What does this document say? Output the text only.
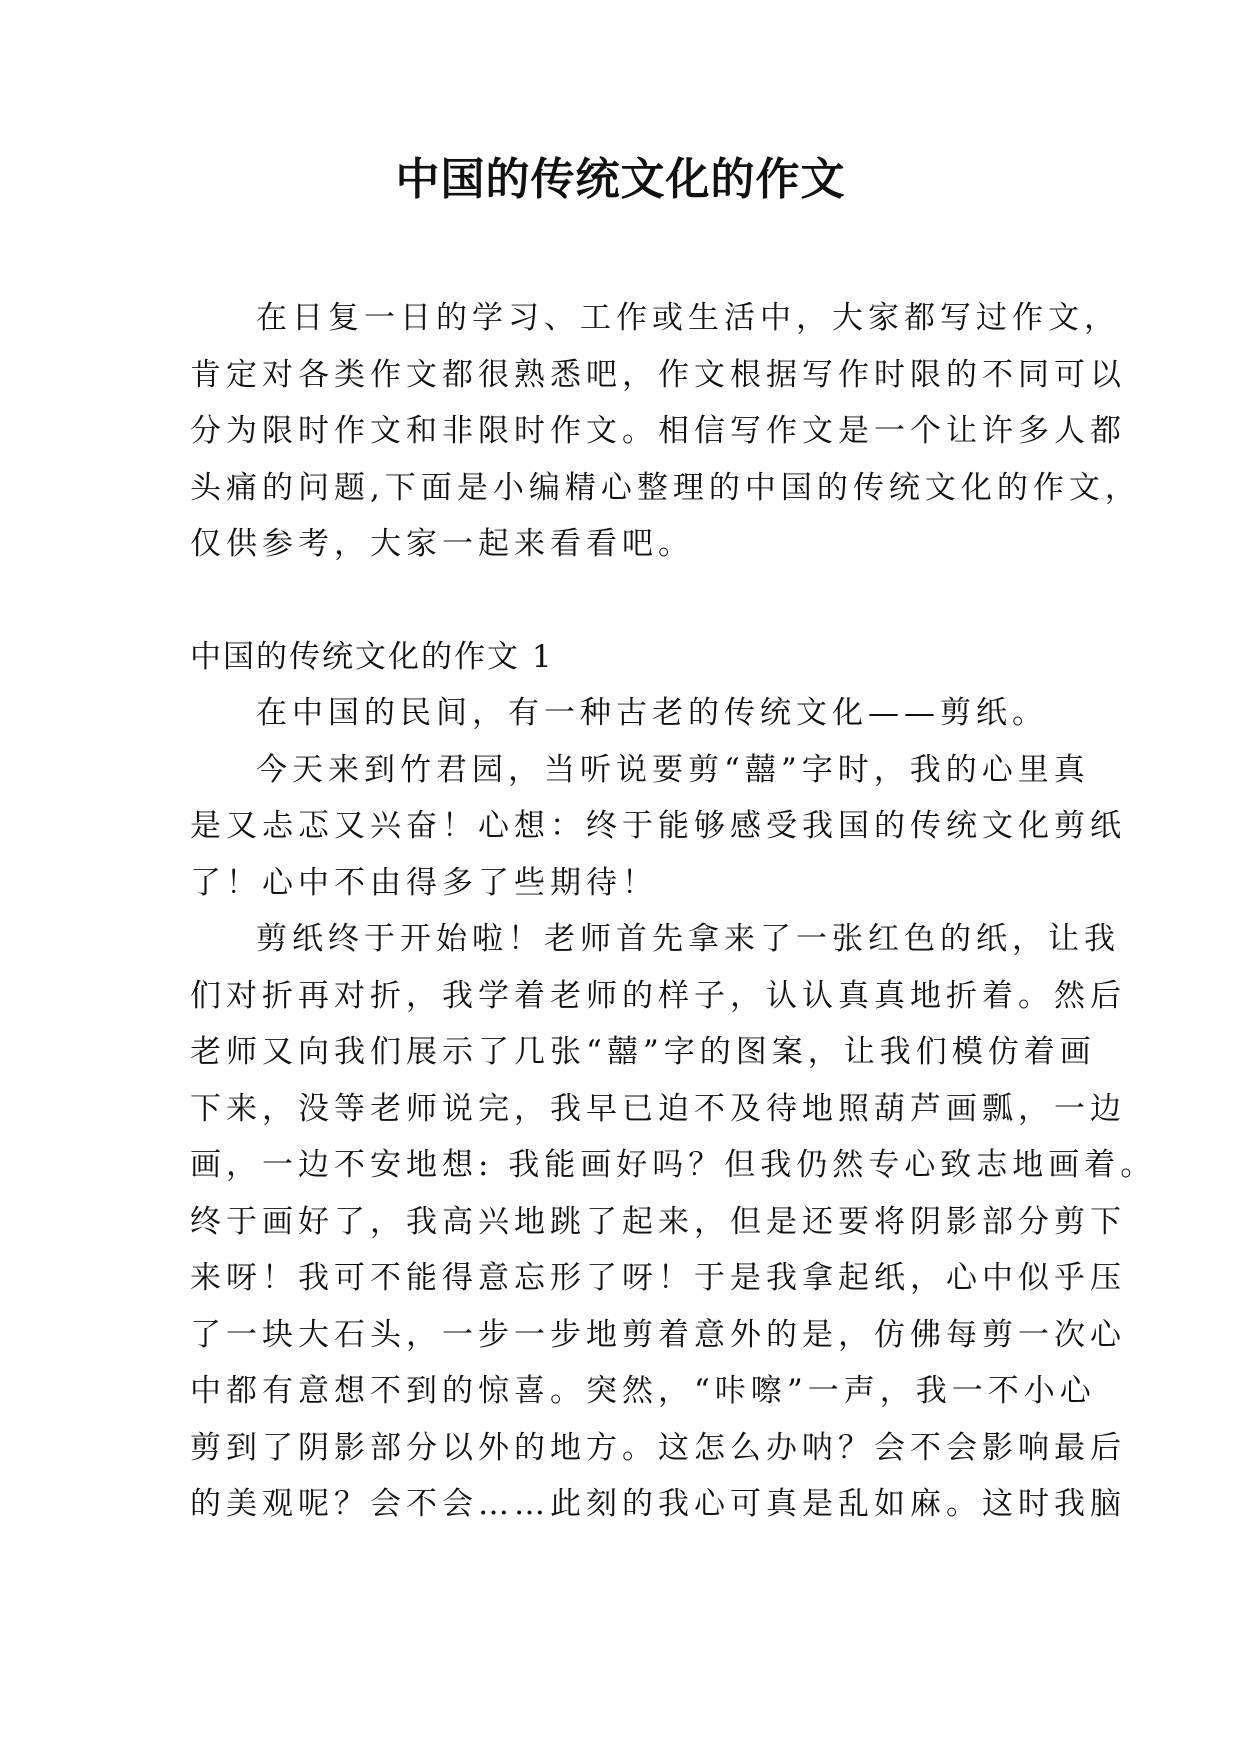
中国的传统文化的作文

在日复一日的学习、工作或生活中，大家都写过作文，
肯定对各类作文都很熟悉吧，作文根据写作时限的不同可以
分为限时作文和非限时作文。相信写作文是一个让许多人都
头痛的问题,下面是小编精心整理的中国的传统文化的作文，
仅供参考，大家一起来看看吧。

中国的传统文化的作文 1

在中国的民间，有一种古老的传统文化——剪纸。

今天来到竹君园，当听说要剪“囍”字时，我的心里真
是又忐忑又兴奋！心想：终于能够感受我国的传统文化剪纸
了！心中不由得多了些期待！

剪纸终于开始啦！老师首先拿来了一张红色的纸，让我
们对折再对折，我学着老师的样子，认认真真地折着。然后
老师又向我们展示了几张“囍”字的图案，让我们模仿着画
下来，没等老师说完，我早已迫不及待地照葫芦画瓢，一边
画，一边不安地想: 我能画好吗？但我仍然专心致志地画着。
终于画好了，我高兴地跳了起来，但是还要将阴影部分剪下
来呀！我可不能得意忘形了呀！于是我拿起纸，心中似乎压
了一块大石头，一步一步地剪着意外的是，仿佛每剪一次心
中都有意想不到的惊喜。突然，“咔嚓”一声，我一不小心
剪到了阴影部分以外的地方。这怎么办呐？会不会影响最后
的美观呢？会不会……此刻的我心可真是乱如麻。这时我脑
